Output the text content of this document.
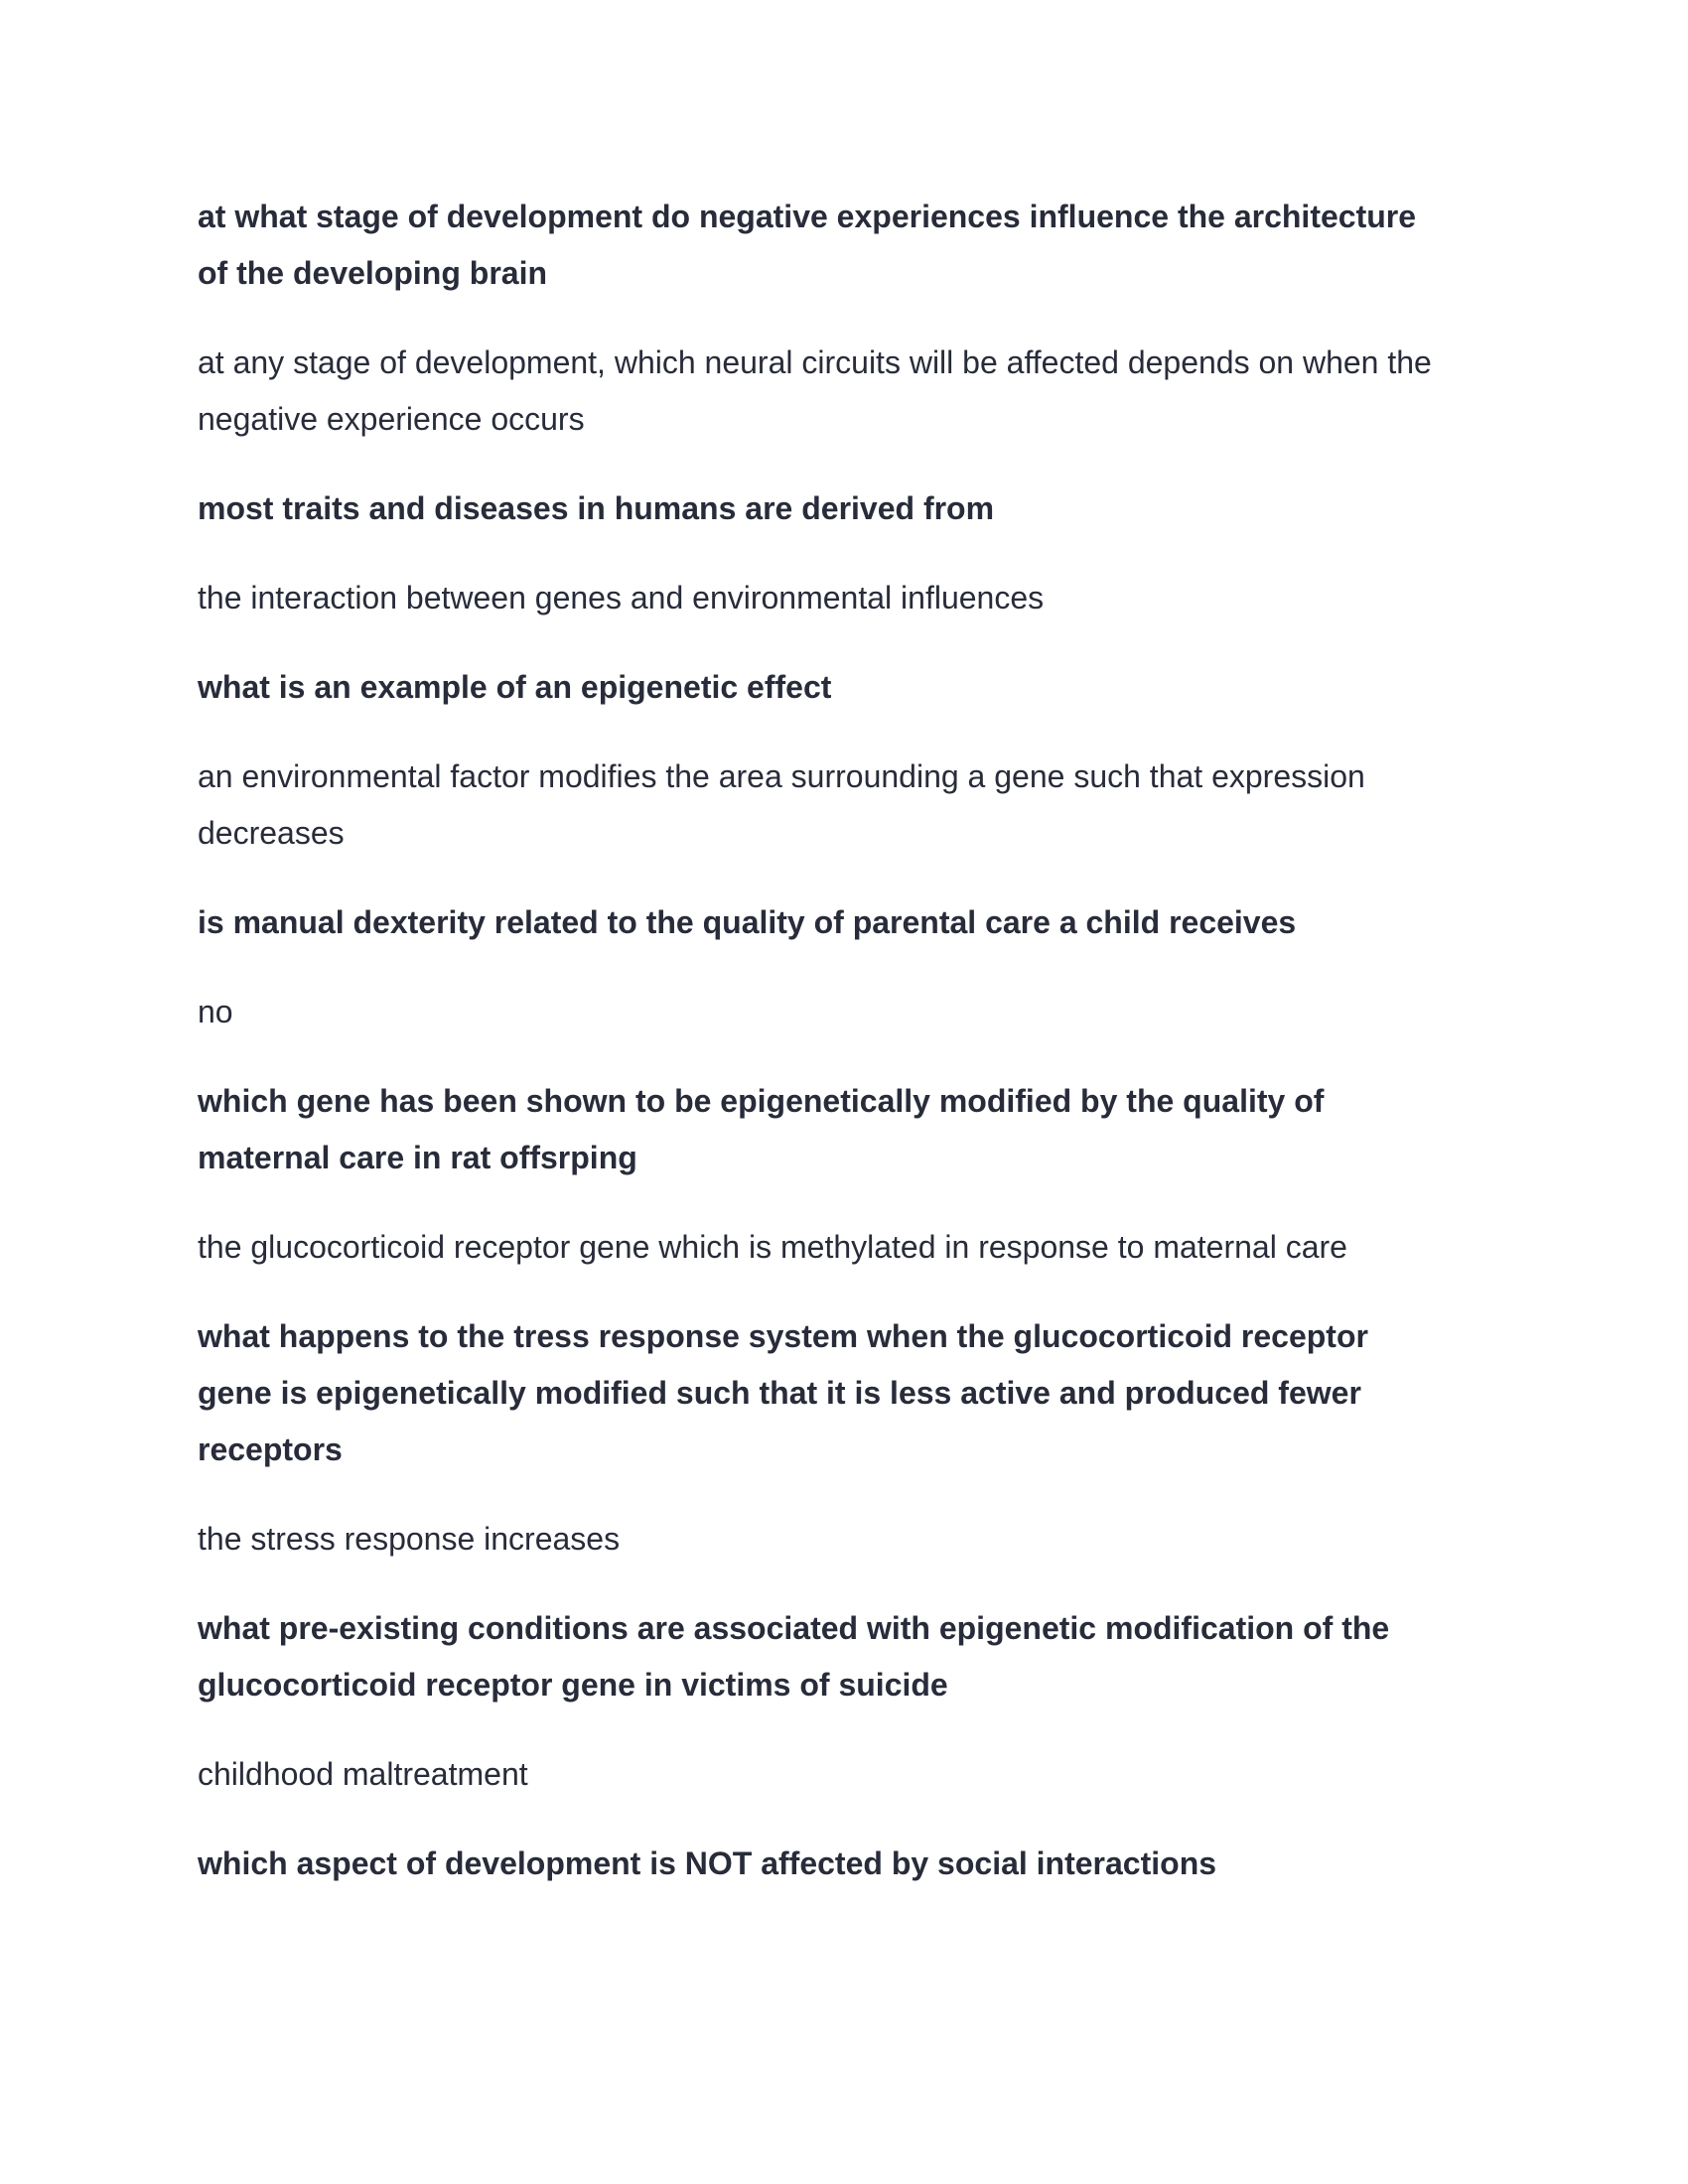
at what stage of development do negative experiences influence the architecture
of the developing brain
at any stage of development, which neural circuits will be affected depends on when the
negative experience occurs
most traits and diseases in humans are derived from
the interaction between genes and environmental influences
what is an example of an epigenetic effect
an environmental factor modifies the area surrounding a gene such that expression
decreases
is manual dexterity related to the quality of parental care a child receives
no
which gene has been shown to be epigenetically modified by the quality of
maternal care in rat offsrping
the glucocorticoid receptor gene which is methylated in response to maternal care
what happens to the tress response system when the glucocorticoid receptor
gene is epigenetically modified such that it is less active and produced fewer
receptors
the stress response increases
what pre-existing conditions are associated with epigenetic modification of the
glucocorticoid receptor gene in victims of suicide
childhood maltreatment
which aspect of development is NOT affected by social interactions
